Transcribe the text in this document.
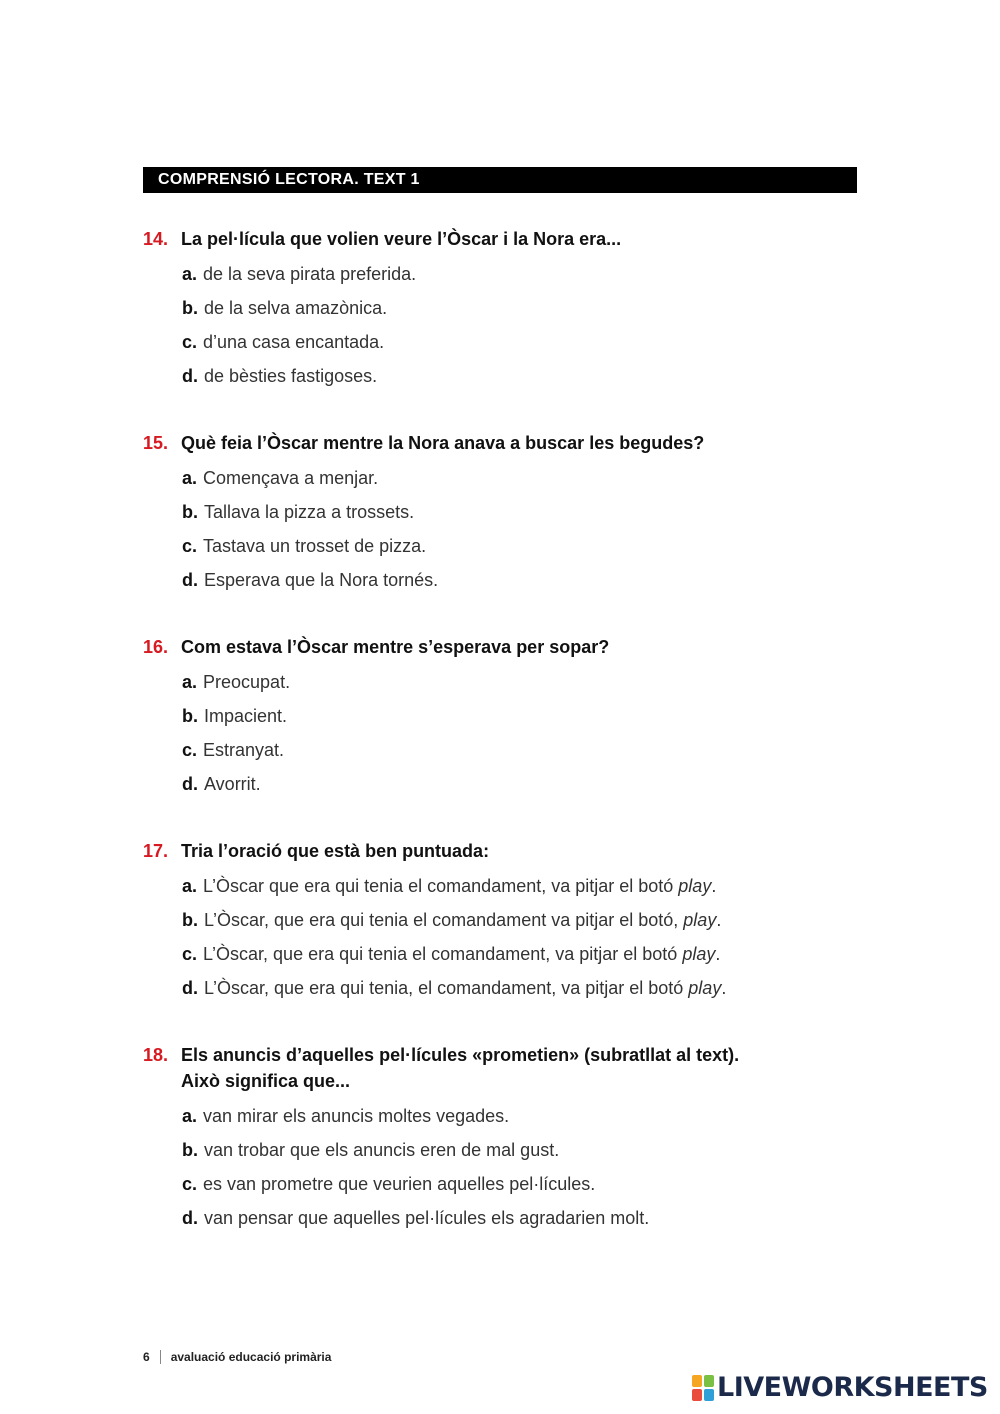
COMPRENSIÓ LECTORA. TEXT 1
14. La pel·lícula que volien veure l’Òscar i la Nora era...
a. de la seva pirata preferida.
b. de la selva amazònica.
c. d’una casa encantada.
d. de bèsties fastigoses.
15. Què feia l’Òscar mentre la Nora anava a buscar les begudes?
a. Començava a menjar.
b. Tallava la pizza a trossets.
c. Tastava un trosset de pizza.
d. Esperava que la Nora tornés.
16. Com estava l’Òscar mentre s’esperava per sopar?
a. Preocupat.
b. Impacient.
c. Estranyat.
d. Avorrit.
17. Tria l’oració que està ben puntuada:
a. L’Òscar que era qui tenia el comandament, va pitjar el botó play.
b. L’Òscar, que era qui tenia el comandament va pitjar el botó, play.
c. L’Òscar, que era qui tenia el comandament, va pitjar el botó play.
d. L’Òscar, que era qui tenia, el comandament, va pitjar el botó play.
18. Els anuncis d’aquelles pel·lícules «prometien» (subratllat al text).
Això significa que...
a. van mirar els anuncis moltes vegades.
b. van trobar que els anuncis eren de mal gust.
c. es van prometre que veurien aquelles pel·lícules.
d. van pensar que aquelles pel·lícules els agradarien molt.
6 avaluació educació primària
LIVEWORKSHEETS
